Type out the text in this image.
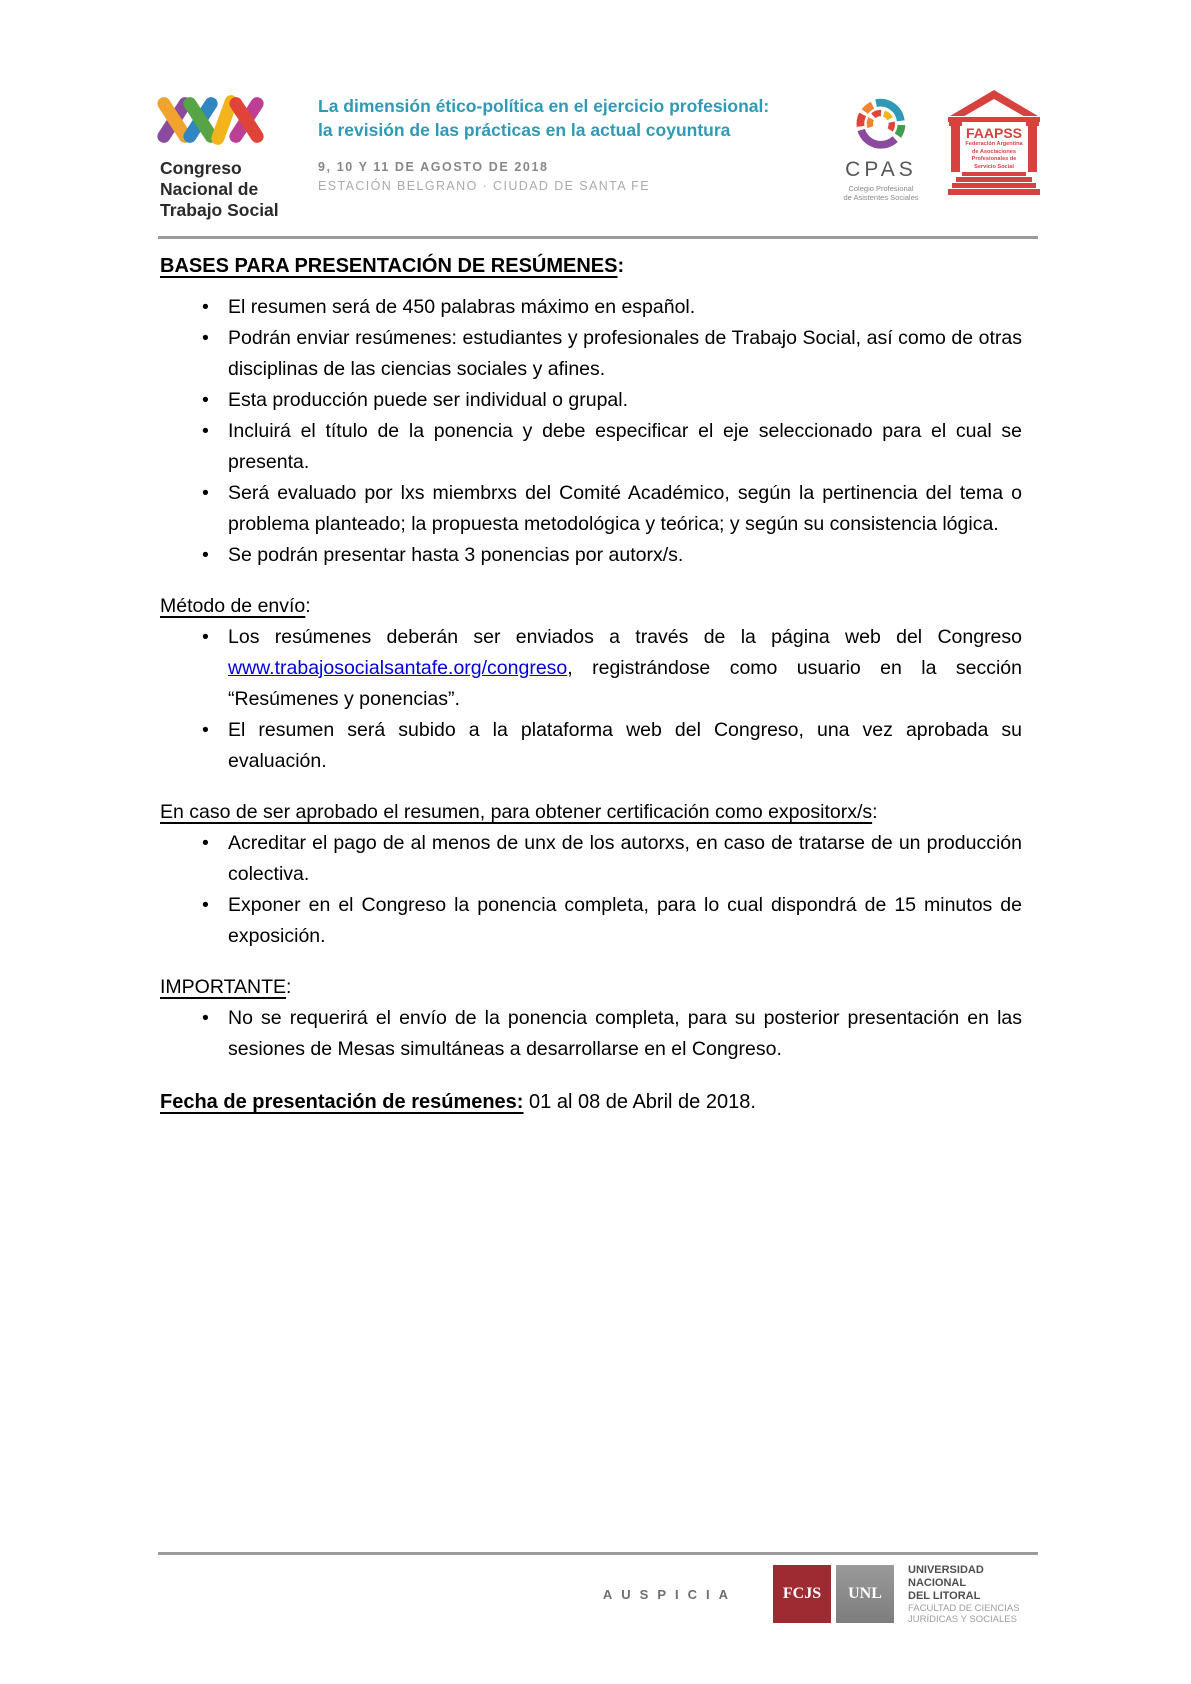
Congreso
Nacional de
Trabajo Social
La dimensión ético-política en el ejercicio profesional:
la revisión de las prácticas en la actual coyuntura
9, 10 Y 11 DE AGOSTO DE 2018
ESTACIÓN BELGRANO · CIUDAD DE SANTA FE
CPAS
Colegio Profesional
de Asistentes Sociales
FAAPSS
Federación Argentina
de Asociaciones
Profesionales de
Servicio Social

BASES PARA PRESENTACIÓN DE RESÚMENES:

• El resumen será de 450 palabras máximo en español.
• Podrán enviar resúmenes: estudiantes y profesionales de Trabajo Social, así como de otras disciplinas de las ciencias sociales y afines.
• Esta producción puede ser individual o grupal.
• Incluirá el título de la ponencia y debe especificar el eje seleccionado para el cual se presenta.
• Será evaluado por lxs miembrxs del Comité Académico, según la pertinencia del tema o problema planteado; la propuesta metodológica y teórica; y según su consistencia lógica.
• Se podrán presentar hasta 3 ponencias por autorx/s.

Método de envío:

• Los resúmenes deberán ser enviados a través de la página web del Congreso www.trabajosocialsantafe.org/congreso, registrándose como usuario en la sección “Resúmenes y ponencias”.
• El resumen será subido a la plataforma web del Congreso, una vez aprobada su evaluación.

En caso de ser aprobado el resumen, para obtener certificación como expositorx/s:

• Acreditar el pago de al menos de unx de los autorxs, en caso de tratarse de un producción colectiva.
• Exponer en el Congreso la ponencia completa, para lo cual dispondrá de 15 minutos de exposición.

IMPORTANTE:

• No se requerirá el envío de la ponencia completa, para su posterior presentación en las sesiones de Mesas simultáneas a desarrollarse en el Congreso.

Fecha de presentación de resúmenes: 01 al 08 de Abril de 2018.

AUSPICIA	FCJS	UNL
UNIVERSIDAD NACIONAL
DEL LITORAL
FACULTAD DE CIENCIAS
JURÍDICAS Y SOCIALES
